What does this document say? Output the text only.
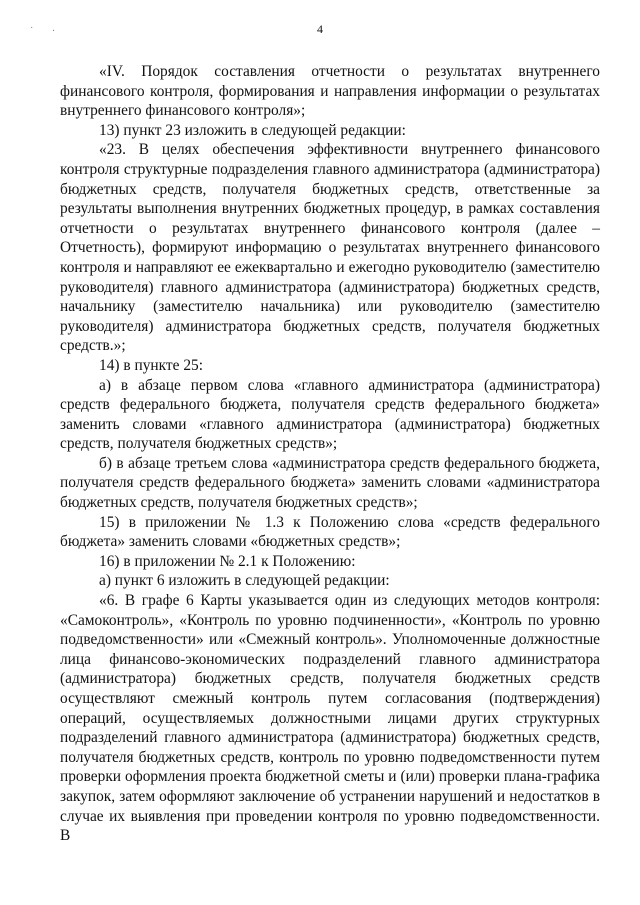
4
˙ ·

«IV. Порядок составления отчетности о результатах внутреннего финансового контроля, формирования и направления информации о результатах внутреннего финансового контроля»;

13) пункт 23 изложить в следующей редакции:

«23. В целях обеспечения эффективности внутреннего финансового контроля структурные подразделения главного администратора (администратора) бюджетных средств, получателя бюджетных средств, ответственные за результаты выполнения внутренних бюджетных процедур, в рамках составления отчетности о результатах внутреннего финансового контроля (далее – Отчетность), формируют информацию о результатах внутреннего финансового контроля и направляют ее ежеквартально и ежегодно руководителю (заместителю руководителя) главного администратора (администратора) бюджетных средств, начальнику (заместителю начальника) или руководителю (заместителю руководителя) администратора бюджетных средств, получателя бюджетных средств.»;

14) в пункте 25:

а) в абзаце первом слова «главного администратора (администратора) средств федерального бюджета, получателя средств федерального бюджета» заменить словами «главного администратора (администратора) бюджетных средств, получателя бюджетных средств»;

б) в абзаце третьем слова «администратора средств федерального бюджета, получателя средств федерального бюджета» заменить словами «администратора бюджетных средств, получателя бюджетных средств»;

15) в приложении № 1.3 к Положению слова «средств федерального бюджета» заменить словами «бюджетных средств»;

16) в приложении № 2.1 к Положению:

а) пункт 6 изложить в следующей редакции:

«6. В графе 6 Карты указывается один из следующих методов контроля: «Самоконтроль», «Контроль по уровню подчиненности», «Контроль по уровню подведомственности» или «Смежный контроль». Уполномоченные должностные лица финансово-экономических подразделений главного администратора (администратора) бюджетных средств, получателя бюджетных средств осуществляют смежный контроль путем согласования (подтверждения) операций, осуществляемых должностными лицами других структурных подразделений главного администратора (администратора) бюджетных средств, получателя бюджетных средств, контроль по уровню подведомственности путем проверки оформления проекта бюджетной сметы и (или) проверки плана-графика закупок, затем оформляют заключение об устранении нарушений и недостатков в случае их выявления при проведении контроля по уровню подведомственности. В
